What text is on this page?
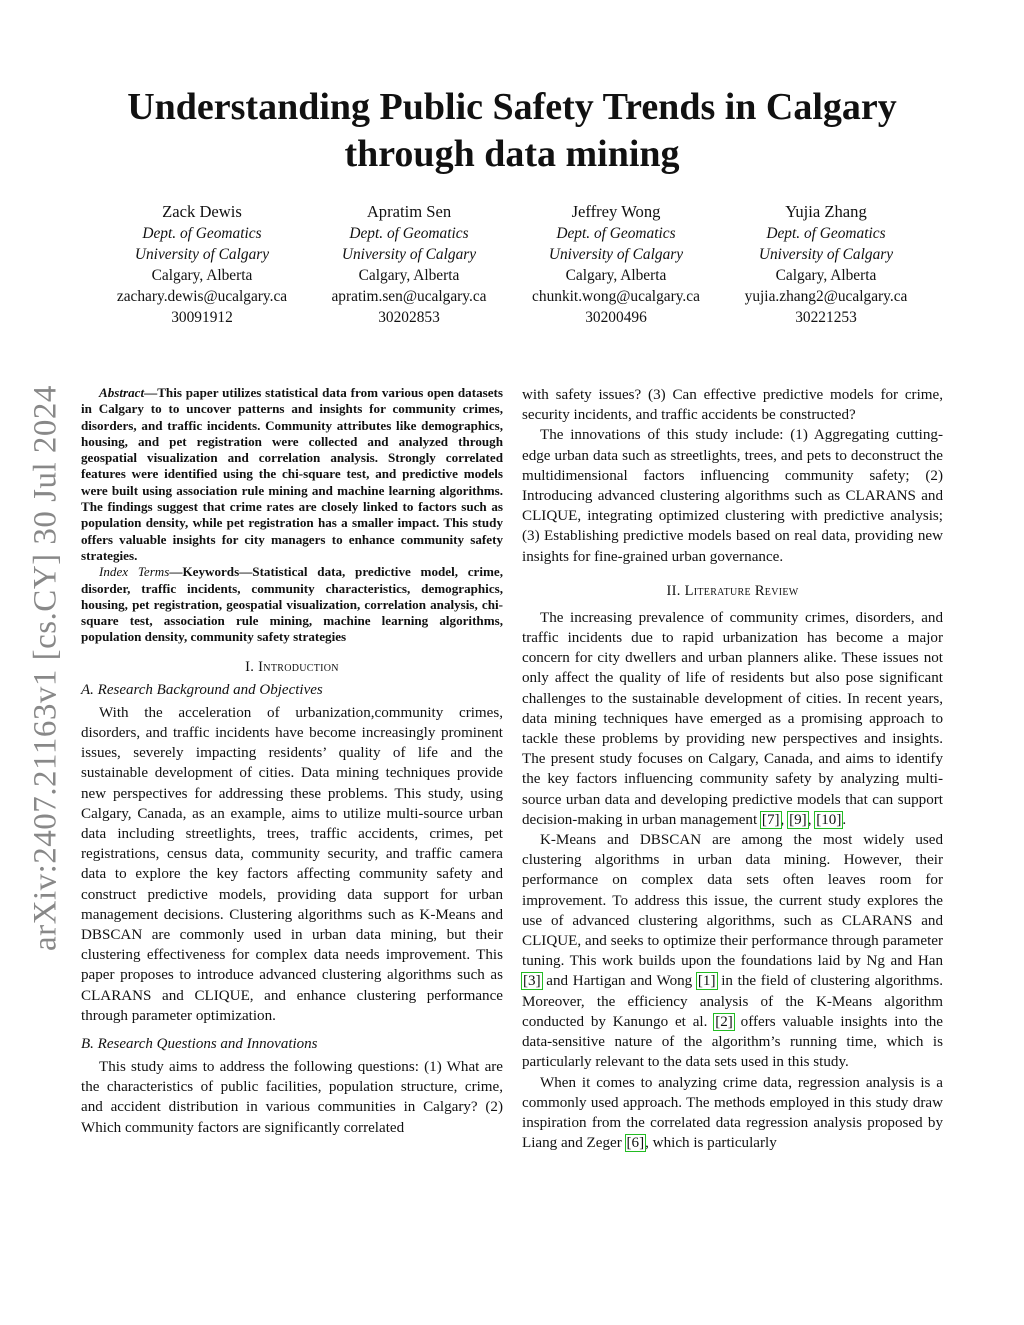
arXiv:2407.21163v1 [cs.CY] 30 Jul 2024
Understanding Public Safety Trends in Calgary
through data mining
Zack Dewis
Dept. of Geomatics
University of Calgary
Calgary, Alberta
zachary.dewis@ucalgary.ca
30091912
Apratim Sen
Dept. of Geomatics
University of Calgary
Calgary, Alberta
apratim.sen@ucalgary.ca
30202853
Jeffrey Wong
Dept. of Geomatics
University of Calgary
Calgary, Alberta
chunkit.wong@ucalgary.ca
30200496
Yujia Zhang
Dept. of Geomatics
University of Calgary
Calgary, Alberta
yujia.zhang2@ucalgary.ca
30221253

Abstract—This paper utilizes statistical data from various open datasets in Calgary to to uncover patterns and insights for community crimes, disorders, and traffic incidents. Community attributes like demographics, housing, and pet registration were collected and analyzed through geospatial visualization and correlation analysis. Strongly correlated features were identified using the chi-square test, and predictive models were built using association rule mining and machine learning algorithms. The findings suggest that crime rates are closely linked to factors such as population density, while pet registration has a smaller impact. This study offers valuable insights for city managers to enhance community safety strategies.

Index Terms—Keywords—Statistical data, predictive model, crime, disorder, traffic incidents, community characteristics, demographics, housing, pet registration, geospatial visualization, correlation analysis, chi-square test, association rule mining, machine learning algorithms, population density, community safety strategies

I. Introduction
A. Research Background and Objectives

With the acceleration of urbanization,community crimes, disorders, and traffic incidents have become increasingly prominent issues, severely impacting residents’ quality of life and the sustainable development of cities. Data mining techniques provide new perspectives for addressing these problems. This study, using Calgary, Canada, as an example, aims to utilize multi-source urban data including streetlights, trees, traffic accidents, crimes, pet registrations, census data, community security, and traffic camera data to explore the key factors affecting community safety and construct predictive models, providing data support for urban management decisions. Clustering algorithms such as K-Means and DBSCAN are commonly used in urban data mining, but their clustering effectiveness for complex data needs improvement. This paper proposes to introduce advanced clustering algorithms such as CLARANS and CLIQUE, and enhance clustering performance through parameter optimization.

B. Research Questions and Innovations

This study aims to address the following questions: (1) What are the characteristics of public facilities, population structure, crime, and accident distribution in various communities in Calgary? (2) Which community factors are significantly correlated

with safety issues? (3) Can effective predictive models for crime, security incidents, and traffic accidents be constructed?

The innovations of this study include: (1) Aggregating cutting-edge urban data such as streetlights, trees, and pets to deconstruct the multidimensional factors influencing community safety; (2) Introducing advanced clustering algorithms such as CLARANS and CLIQUE, integrating optimized clustering with predictive analysis; (3) Establishing predictive models based on real data, providing new insights for fine-grained urban governance.

II. Literature Review

The increasing prevalence of community crimes, disorders, and traffic incidents due to rapid urbanization has become a major concern for city dwellers and urban planners alike. These issues not only affect the quality of life of residents but also pose significant challenges to the sustainable development of cities. In recent years, data mining techniques have emerged as a promising approach to tackle these problems by providing new perspectives and insights. The present study focuses on Calgary, Canada, and aims to identify the key factors influencing community safety by analyzing multi-source urban data and developing predictive models that can support decision-making in urban management [7], [9], [10].

K-Means and DBSCAN are among the most widely used clustering algorithms in urban data mining. However, their performance on complex data sets often leaves room for improvement. To address this issue, the current study explores the use of advanced clustering algorithms, such as CLARANS and CLIQUE, and seeks to optimize their performance through parameter tuning. This work builds upon the foundations laid by Ng and Han [3] and Hartigan and Wong [1] in the field of clustering algorithms. Moreover, the efficiency analysis of the K-Means algorithm conducted by Kanungo et al. [2] offers valuable insights into the data-sensitive nature of the algorithm’s running time, which is particularly relevant to the data sets used in this study.

When it comes to analyzing crime data, regression analysis is a commonly used approach. The methods employed in this study draw inspiration from the correlated data regression analysis proposed by Liang and Zeger [6], which is particularly
